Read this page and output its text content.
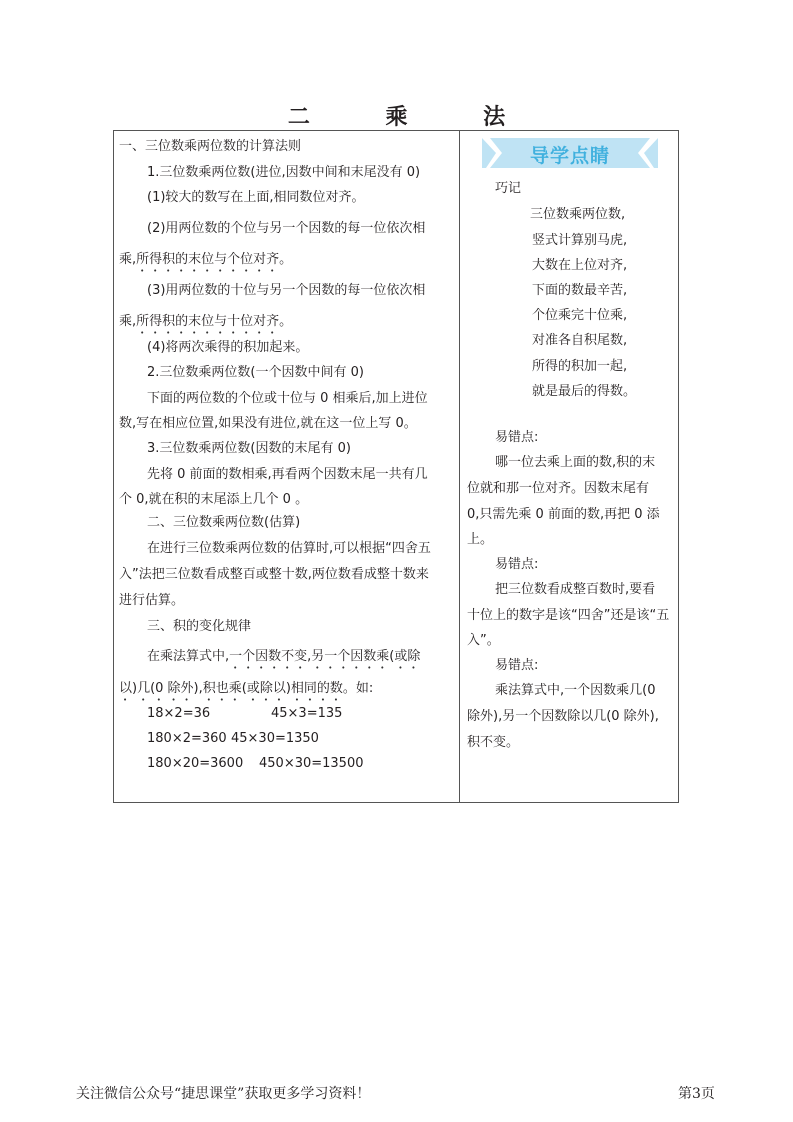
二 乘 法
一、三位数乘两位数的计算法则
1.三位数乘两位数(进位,因数中间和末尾没有 0)
(1)较大的数写在上面,相同数位对齐。
(2)用两位数的个位与另一个因数的每一位依次相
乘,所得积的末位与个位对齐。
(3)用两位数的十位与另一个因数的每一位依次相
乘,所得积的末位与十位对齐。
(4)将两次乘得的积加起来。
2.三位数乘两位数(一个因数中间有 0)
下面的两位数的个位或十位与 0 相乘后,加上进位
数,写在相应位置,如果没有进位,就在这一位上写 0。
3.三位数乘两位数(因数的末尾有 0)
先将 0 前面的数相乘,再看两个因数末尾一共有几
个 0,就在积的末尾添上几个 0 。
二、三位数乘两位数(估算)
在进行三位数乘两位数的估算时,可以根据“四舍五
入”法把三位数看成整百或整十数,两位数看成整十数来
进行估算。
三、积的变化规律
在乘法算式中,一个因数不变,另一个因数乘(或除
以)几(0 除外),积也乘(或除以)相同的数。如:
18×2=36	45×3=135
180×2=360 45×30=1350
180×20=3600 450×30=13500
导学点睛
巧记
三位数乘两位数,
竖式计算别马虎,
大数在上位对齐,
下面的数最辛苦,
个位乘完十位乘,
对准各自积尾数,
所得的积加一起,
就是最后的得数。
易错点:
哪一位去乘上面的数,积的末
位就和那一位对齐。因数末尾有
0,只需先乘 0 前面的数,再把 0 添
上。
易错点:
把三位数看成整百数时,要看
十位上的数字是该“四舍”还是该“五
入”。
易错点:
乘法算式中,一个因数乘几(0
除外),另一个因数除以几(0 除外),
积不变。
关注微信公众号“捷思课堂”获取更多学习资料！	第3页
